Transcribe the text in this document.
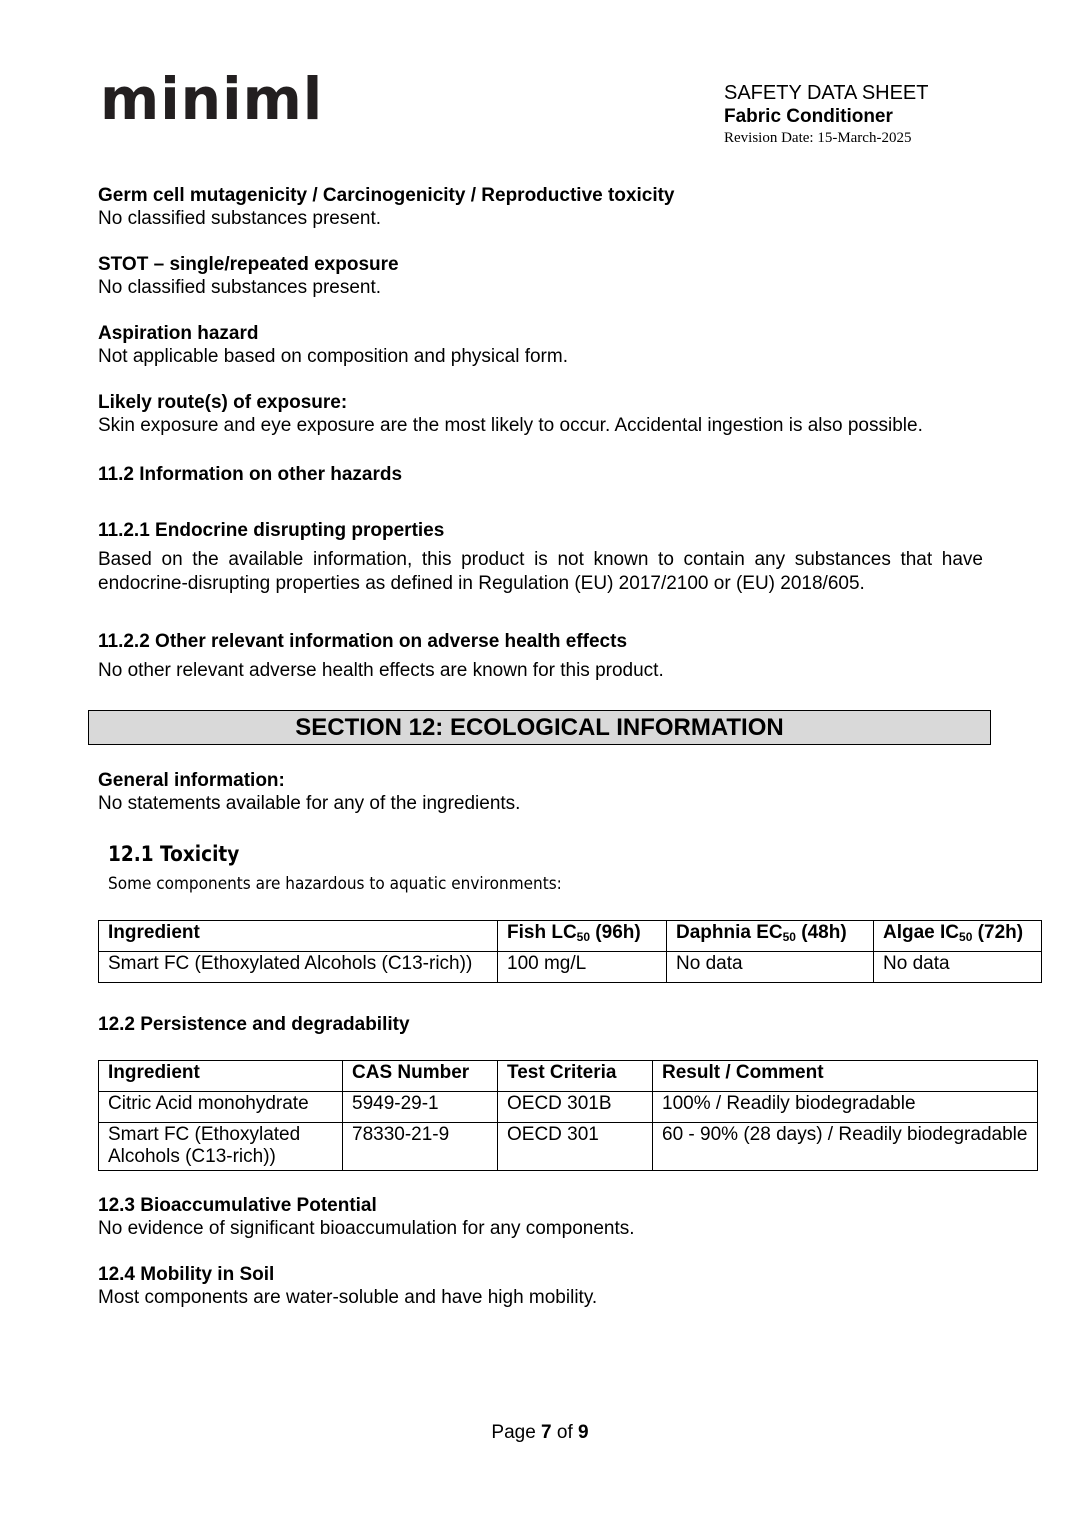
miniml	SAFETY DATA SHEET
Fabric Conditioner
Revision Date: 15-March-2025
Germ cell mutagenicity / Carcinogenicity / Reproductive toxicity
No classified substances present.
STOT – single/repeated exposure
No classified substances present.
Aspiration hazard
Not applicable based on composition and physical form.
Likely route(s) of exposure:
Skin exposure and eye exposure are the most likely to occur. Accidental ingestion is also possible.
11.2 Information on other hazards
11.2.1 Endocrine disrupting properties
Based on the available information, this product is not known to contain any substances that have endocrine-disrupting properties as defined in Regulation (EU) 2017/2100 or (EU) 2018/605.
11.2.2 Other relevant information on adverse health effects
No other relevant adverse health effects are known for this product.
SECTION 12: ECOLOGICAL INFORMATION
General information:
No statements available for any of the ingredients.
12.1 Toxicity
Some components are hazardous to aquatic environments:
Ingredient	Fish $LC_{50}$ (96h)	Daphnia $EC_{50}$ (48h)	Algae $IC_{50}$ (72h)
Smart FC (Ethoxylated Alcohols (C13-rich))	100 mg/L	No data	No data
12.2 Persistence and degradability
Ingredient	CAS Number	Test Criteria	Result / Comment
Citric Acid monohydrate	5949-29-1	OECD 301B	100% / Readily biodegradable
Smart FC (Ethoxylated Alcohols (C13-rich))	78330-21-9	OECD 301	60 - 90% (28 days) / Readily biodegradable
12.3 Bioaccumulative Potential
No evidence of significant bioaccumulation for any components.
12.4 Mobility in Soil
Most components are water-soluble and have high mobility.
Page 7 of 9
